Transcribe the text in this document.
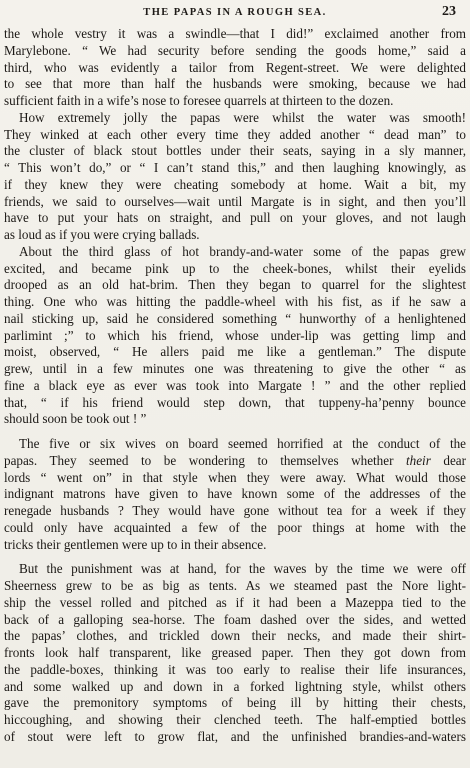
THE PAPAS IN A ROUGH SEA.	23

the whole vestry it was a swindle—that I did!” exclaimed another from

Marylebone. “ We had security before sending the goods home,” said a

third, who was evidently a tailor from Regent-street. We were delighted

to see that more than half the husbands were smoking, because we had

sufficient faith in a wife’s nose to foresee quarrels at thirteen to the dozen.

How extremely jolly the papas were whilst the water was smooth!

They winked at each other every time they added another “ dead man” to

the cluster of black stout bottles under their seats, saying in a sly manner,

“ This won’t do,” or “ I can’t stand this,” and then laughing knowingly, as

if they knew they were cheating somebody at home. Wait a bit, my

friends, we said to ourselves—wait until Margate is in sight, and then you’ll

have to put your hats on straight, and pull on your gloves, and not laugh

as loud as if you were crying ballads.

About the third glass of hot brandy-and-water some of the papas grew

excited, and became pink up to the cheek-bones, whilst their eyelids

drooped as an old hat-brim. Then they began to quarrel for the slightest

thing. One who was hitting the paddle-wheel with his fist, as if he saw a

nail sticking up, said he considered something “ hunworthy of a henlightened

parlimint ;” to which his friend, whose under-lip was getting limp and

moist, observed, “ He allers paid me like a gentleman.” The dispute

grew, until in a few minutes one was threatening to give the other “ as

fine a black eye as ever was took into Margate ! ” and the other replied

that, “ if his friend would step down, that tuppeny-ha’penny bounce

should soon be took out ! ”

The five or six wives on board seemed horrified at the conduct of the

papas. They seemed to be wondering to themselves whether their dear

lords “ went on” in that style when they were away. What would those

indignant matrons have given to have known some of the addresses of the

renegade husbands ? They would have gone without tea for a week if they

could only have acquainted a few of the poor things at home with the

tricks their gentlemen were up to in their absence.

But the punishment was at hand, for the waves by the time we were off

Sheerness grew to be as big as tents. As we steamed past the Nore light-

ship the vessel rolled and pitched as if it had been a Mazeppa tied to the

back of a galloping sea-horse. The foam dashed over the sides, and wetted

the papas’ clothes, and trickled down their necks, and made their shirt-

fronts look half transparent, like greased paper. Then they got down from

the paddle-boxes, thinking it was too early to realise their life insurances,

and some walked up and down in a forked lightning style, whilst others

gave the premonitory symptoms of being ill by hitting their chests,

hiccoughing, and showing their clenched teeth. The half-emptied bottles

of stout were left to grow flat, and the unfinished brandies-and-waters
